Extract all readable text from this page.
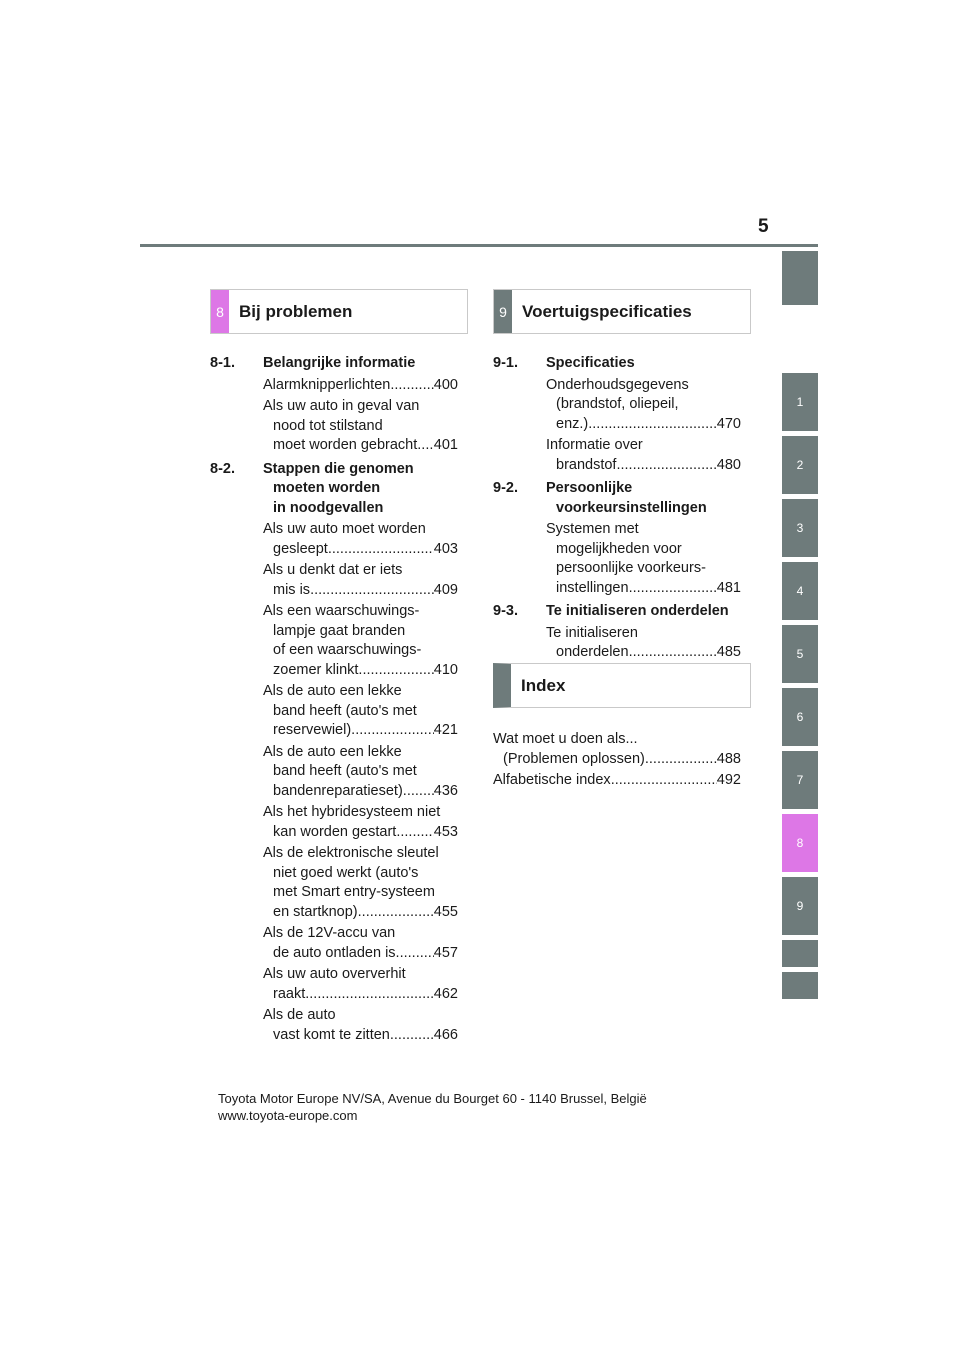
5
1
2
3
4
5
6
7
8
9
8 Bij problemen
8-1. Belangrijke informatie
Alarmknipperlichten .....	400
Als uw auto in geval van
nood tot stilstand
moet worden gebracht ..... 401
8-2. Stappen die genomen
moeten worden
in noodgevallen
Als uw auto moet worden
gesleept .....	403
Als u denkt dat er iets
mis is .....	409
Als een waarschuwings-
lampje gaat branden
of een waarschuwings-
zoemer klinkt .....	410
Als de auto een lekke
band heeft (auto's met
reservewiel) .....	421
Als de auto een lekke
band heeft (auto's met
bandenreparatieset) ..... 436
Als het hybridesysteem niet
kan worden gestart .....	453
Als de elektronische sleutel
niet goed werkt (auto's
met Smart entry-systeem
en startknop) .....	455
Als de 12V-accu van
de auto ontladen is .....	457
Als uw auto oververhit
raakt .....	462
Als de auto
vast komt te zitten .....	466
9 Voertuigspecificaties
9-1. Specificaties
Onderhoudsgegevens
(brandstof, oliepeil,
enz.) .....	470
Informatie over
brandstof .....	480
9-2. Persoonlijke
voorkeursinstellingen
Systemen met
mogelijkheden voor
persoonlijke voorkeurs-
instellingen .....	481
9-3. Te initialiseren onderdelen
Te initialiseren
onderdelen .....	485
Index
Wat moet u doen als...
(Problemen oplossen) .....	488
Alfabetische index .....	492
Toyota Motor Europe NV/SA, Avenue du Bourget 60 - 1140 Brussel, België
www.toyota-europe.com
